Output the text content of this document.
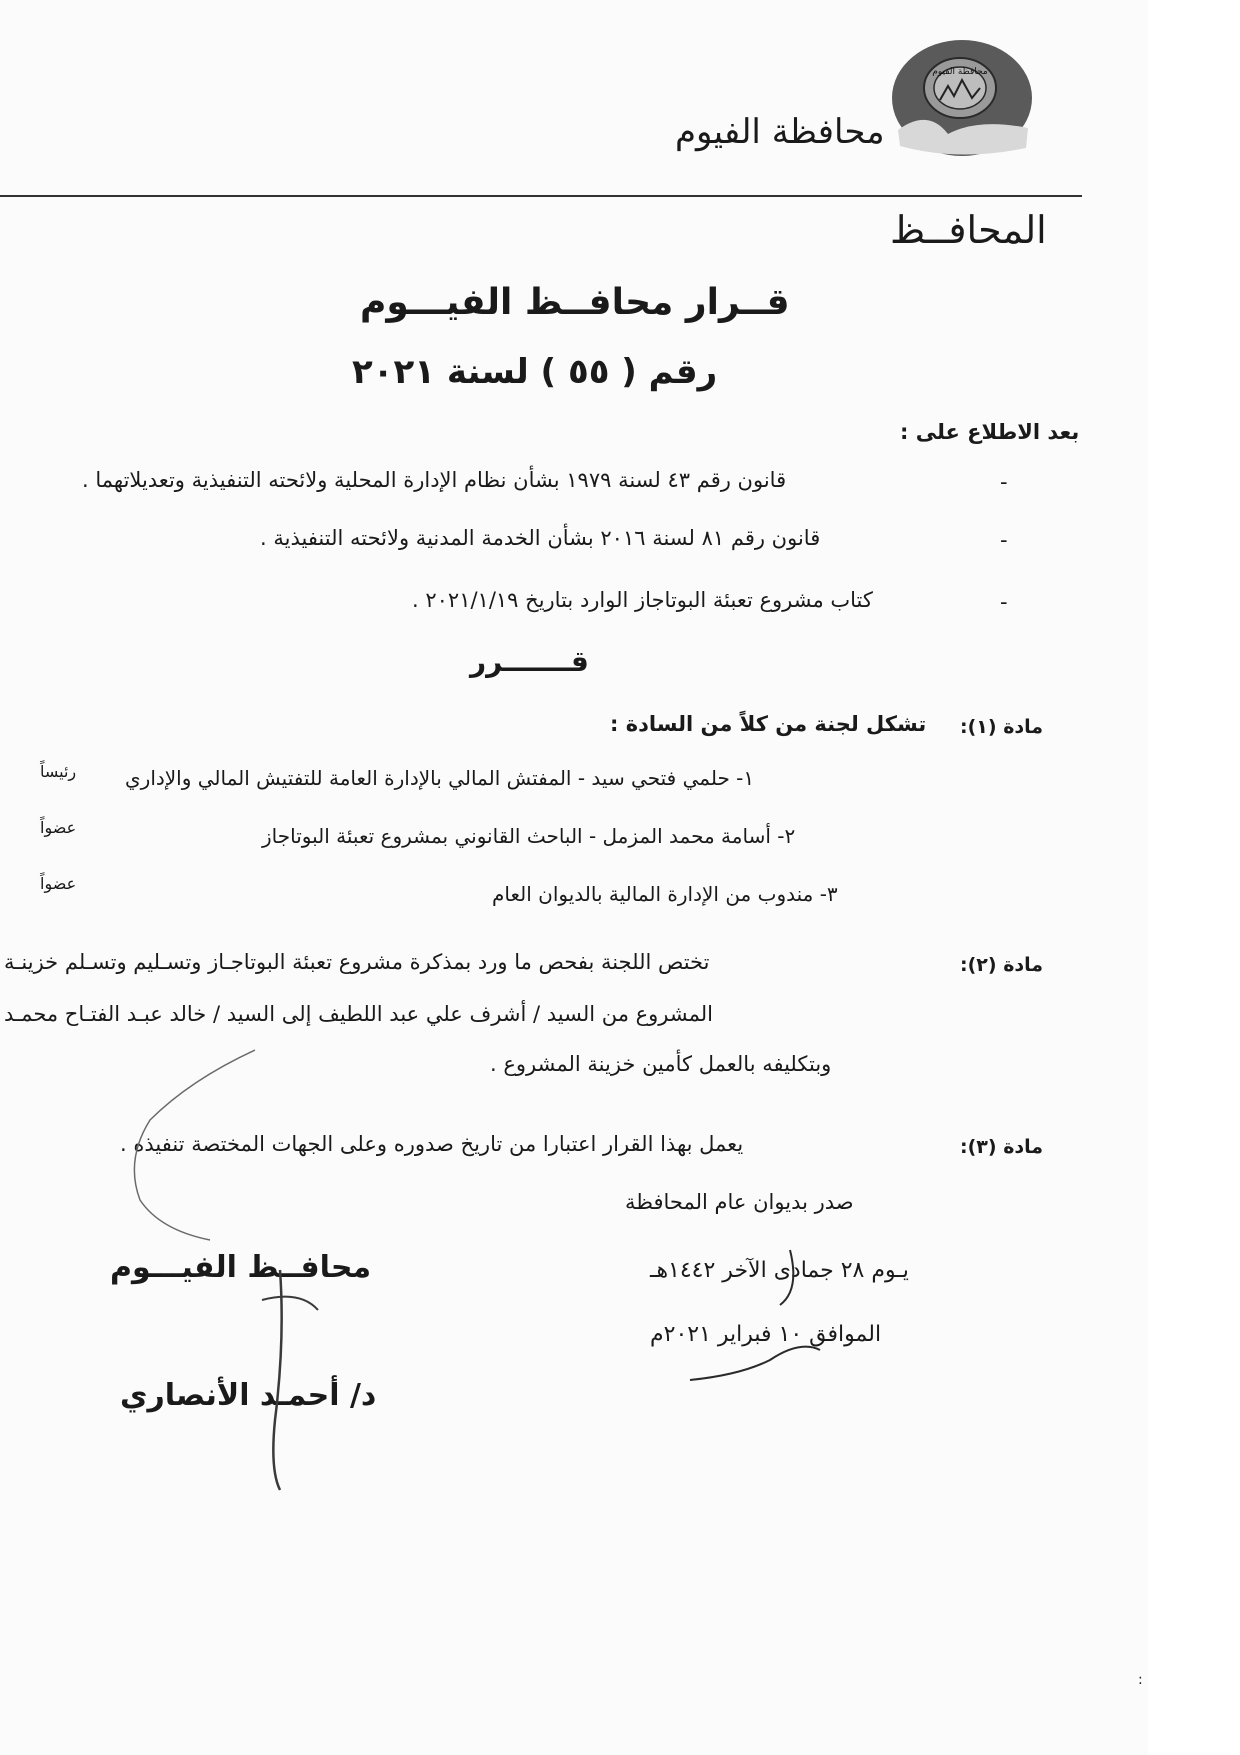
محافظة الفيوم
محافظة الفيوم
المحافــظ
قــرار محافــظ الفيـــوم
رقم ( ٥٥ ) لسنة ٢٠٢١
بعد الاطلاع على :
-
قانون رقم ٤٣ لسنة ١٩٧٩ بشأن نظام الإدارة المحلية ولائحته التنفيذية وتعديلاتهما .
-
قانون رقم ٨١ لسنة ٢٠١٦ بشأن الخدمة المدنية ولائحته التنفيذية .
-
كتاب مشروع تعبئة البوتاجاز الوارد بتاريخ ٢٠٢١/١/١٩ .
قـــــــرر
مادة (١):
تشكل لجنة من كلاً من السادة :
١- حلمي فتحي سيد - المفتش المالي بالإدارة العامة للتفتيش المالي والإداري
رئيساً
٢- أسامة محمد المزمل - الباحث القانوني بمشروع تعبئة البوتاجاز
عضواً
٣- مندوب من الإدارة المالية بالديوان العام
عضواً
مادة (٢):
تختص اللجنة بفحص ما ورد بمذكرة مشروع تعبئة البوتاجـاز وتسـليم وتسـلم خزينـة
المشروع من السيد / أشرف علي عبد اللطيف إلى السيد / خالد عبـد الفتـاح محمـد
وبتكليفه بالعمل كأمين خزينة المشروع .
مادة (٣):
يعمل بهذا القرار اعتبارا من تاريخ صدوره وعلى الجهات المختصة تنفيذه .
صدر بديوان عام المحافظة
يـوم ٢٨ جمادى الآخر ١٤٤٢هـ
الموافق ١٠ فبراير ٢٠٢١م
محافــظ الفيـــوم
د/ أحمـد الأنصاري
:
